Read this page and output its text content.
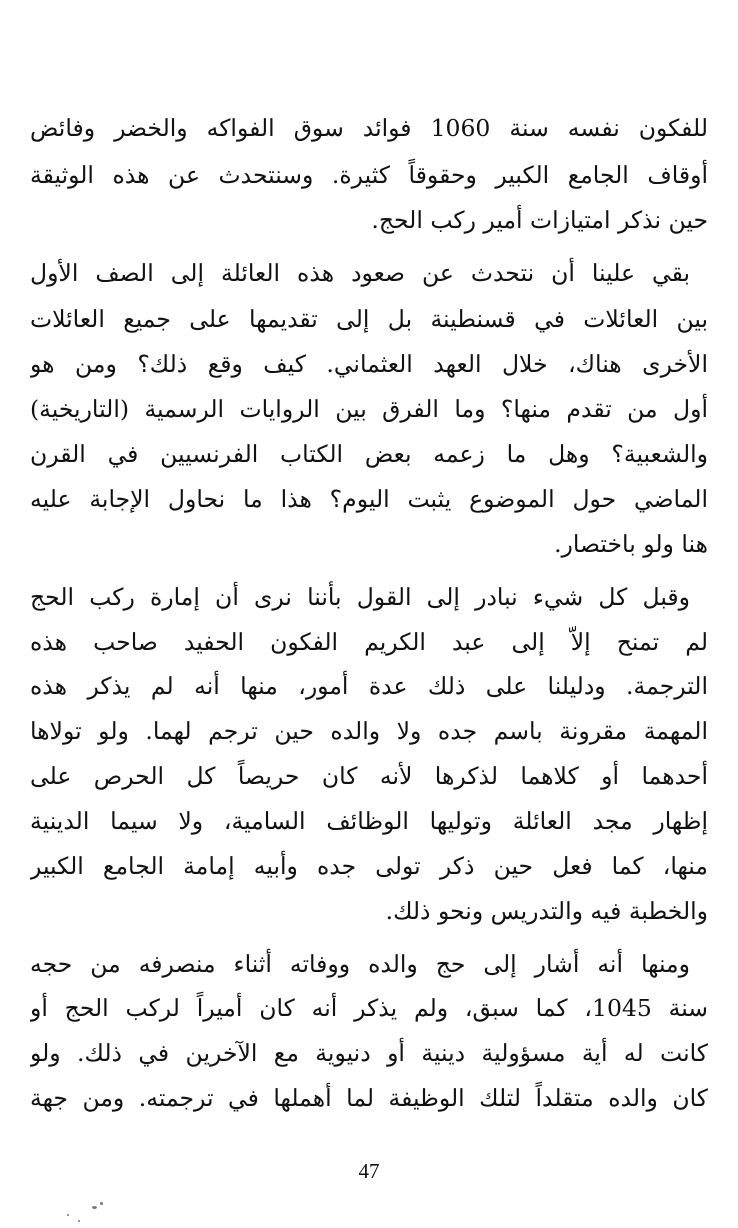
للفكون نفسه سنة 1060 فوائد سوق الفواكه والخضر وفائض
أوقاف الجامع الكبير وحقوقاً كثيرة. وسنتحدث عن هذه الوثيقة
حين نذكر امتيازات أمير ركب الحج.
بقي علينا أن نتحدث عن صعود هذه العائلة إلى الصف الأول
بين العائلات في قسنطينة بل إلى تقديمها على جميع العائلات
الأخرى هناك، خلال العهد العثماني. كيف وقع ذلك؟ ومن هو
أول من تقدم منها؟ وما الفرق بين الروايات الرسمية (التاريخية)
والشعبية؟ وهل ما زعمه بعض الكتاب الفرنسيين في القرن
الماضي حول الموضوع يثبت اليوم؟ هذا ما نحاول الإجابة عليه
هنا ولو باختصار.
وقبل كل شيء نبادر إلى القول بأننا نرى أن إمارة ركب الحج
لم تمنح إلاّ إلى عبد الكريم الفكون الحفيد صاحب هذه
الترجمة. ودليلنا على ذلك عدة أمور، منها أنه لم يذكر هذه
المهمة مقرونة باسم جده ولا والده حين ترجم لهما. ولو تولاها
أحدهما أو كلاهما لذكرها لأنه كان حريصاً كل الحرص على
إظهار مجد العائلة وتوليها الوظائف السامية، ولا سيما الدينية
منها، كما فعل حين ذكر تولى جده وأبيه إمامة الجامع الكبير
والخطبة فيه والتدريس ونحو ذلك.
ومنها أنه أشار إلى حج والده ووفاته أثناء منصرفه من حجه
سنة 1045، كما سبق، ولم يذكر أنه كان أميراً لركب الحج أو
كانت له أية مسؤولية دينية أو دنيوية مع الآخرين في ذلك. ولو
كان والده متقلداً لتلك الوظيفة لما أهملها في ترجمته. ومن جهة
47
